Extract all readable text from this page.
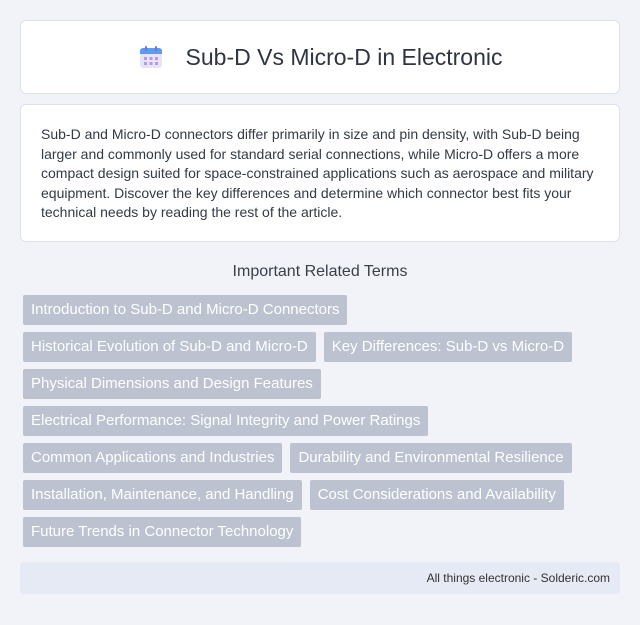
Sub-D Vs Micro-D in Electronic

Sub-D and Micro-D connectors differ primarily in size and pin density, with Sub-D being larger and commonly used for standard serial connections, while Micro-D offers a more compact design suited for space-constrained applications such as aerospace and military equipment. Discover the key differences and determine which connector best fits your technical needs by reading the rest of the article.

Important Related Terms
Introduction to Sub-D and Micro-D Connectors
Historical Evolution of Sub-D and Micro-D	Key Differences: Sub-D vs Micro-D
Physical Dimensions and Design Features
Electrical Performance: Signal Integrity and Power Ratings
Common Applications and Industries	Durability and Environmental Resilience
Installation, Maintenance, and Handling	Cost Considerations and Availability
Future Trends in Connector Technology
All things electronic - Solderic.com
